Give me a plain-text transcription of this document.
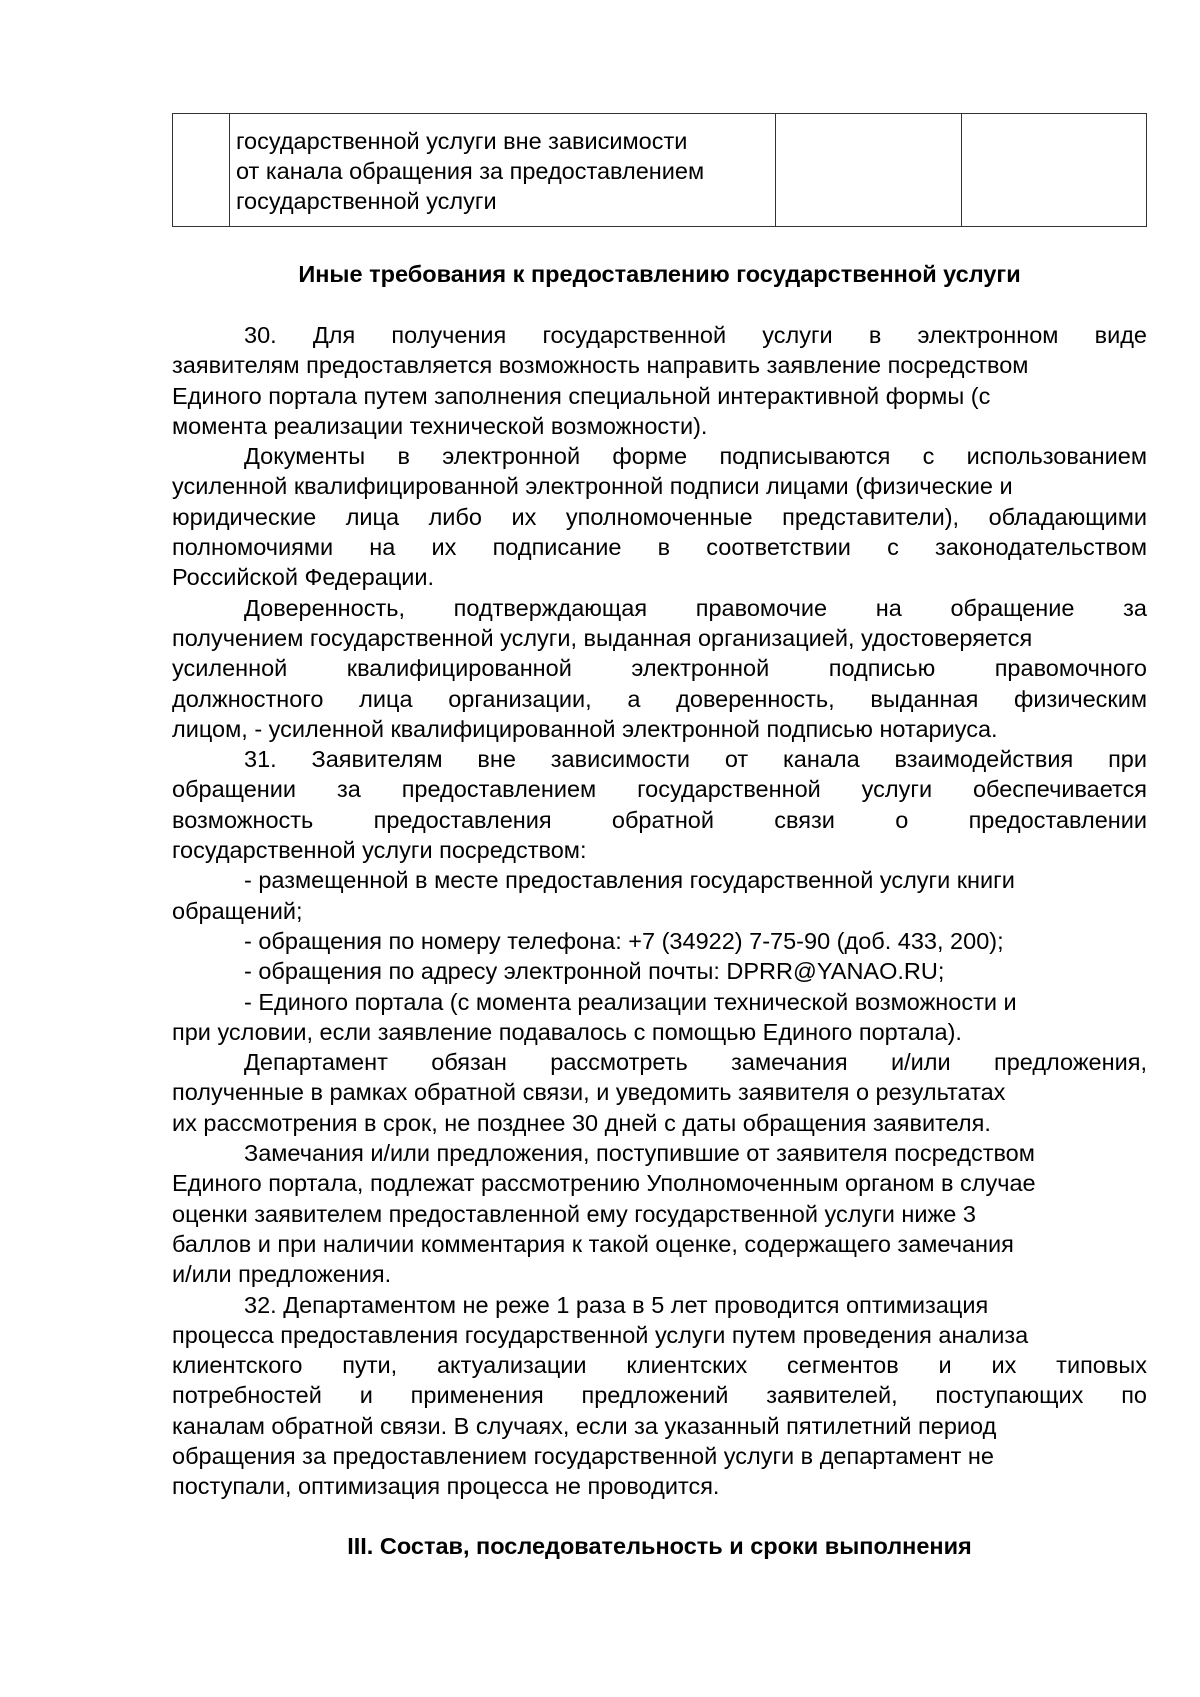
государственной услуги вне зависимости
от канала обращения за предоставлением
государственной услуги

Иные требования к предоставлению государственной услуги
30. Для получения государственной услуги в электронном виде
заявителям предоставляется возможность направить заявление посредством
Единого портала путем заполнения специальной интерактивной формы (с
момента реализации технической возможности).
Документы в электронной форме подписываются с использованием
усиленной квалифицированной электронной подписи лицами (физические и
юридические лица либо их уполномоченные представители), обладающими
полномочиями на их подписание в соответствии с законодательством
Российской Федерации.
Доверенность, подтверждающая правомочие на обращение за
получением государственной услуги, выданная организацией, удостоверяется
усиленной квалифицированной электронной подписью правомочного
должностного лица организации, а доверенность, выданная физическим
лицом, - усиленной квалифицированной электронной подписью нотариуса.
31. Заявителям вне зависимости от канала взаимодействия при
обращении за предоставлением государственной услуги обеспечивается
возможность предоставления обратной связи о предоставлении
государственной услуги посредством:
- размещенной в месте предоставления государственной услуги книги
обращений;
- обращения по номеру телефона: +7 (34922) 7-75-90 (доб. 433, 200);
- обращения по адресу электронной почты: DPRR@YANAO.RU;
- Единого портала (с момента реализации технической возможности и
при условии, если заявление подавалось с помощью Единого портала).
Департамент обязан рассмотреть замечания и/или предложения,
полученные в рамках обратной связи, и уведомить заявителя о результатах
их рассмотрения в срок, не позднее 30 дней с даты обращения заявителя.
Замечания и/или предложения, поступившие от заявителя посредством
Единого портала, подлежат рассмотрению Уполномоченным органом в случае
оценки заявителем предоставленной ему государственной услуги ниже 3
баллов и при наличии комментария к такой оценке, содержащего замечания
и/или предложения.
32. Департаментом не реже 1 раза в 5 лет проводится оптимизация
процесса предоставления государственной услуги путем проведения анализа
клиентского пути, актуализации клиентских сегментов и их типовых
потребностей и применения предложений заявителей, поступающих по
каналам обратной связи. В случаях, если за указанный пятилетний период
обращения за предоставлением государственной услуги в департамент не
поступали, оптимизация процесса не проводится.
III. Состав, последовательность и сроки выполнения
